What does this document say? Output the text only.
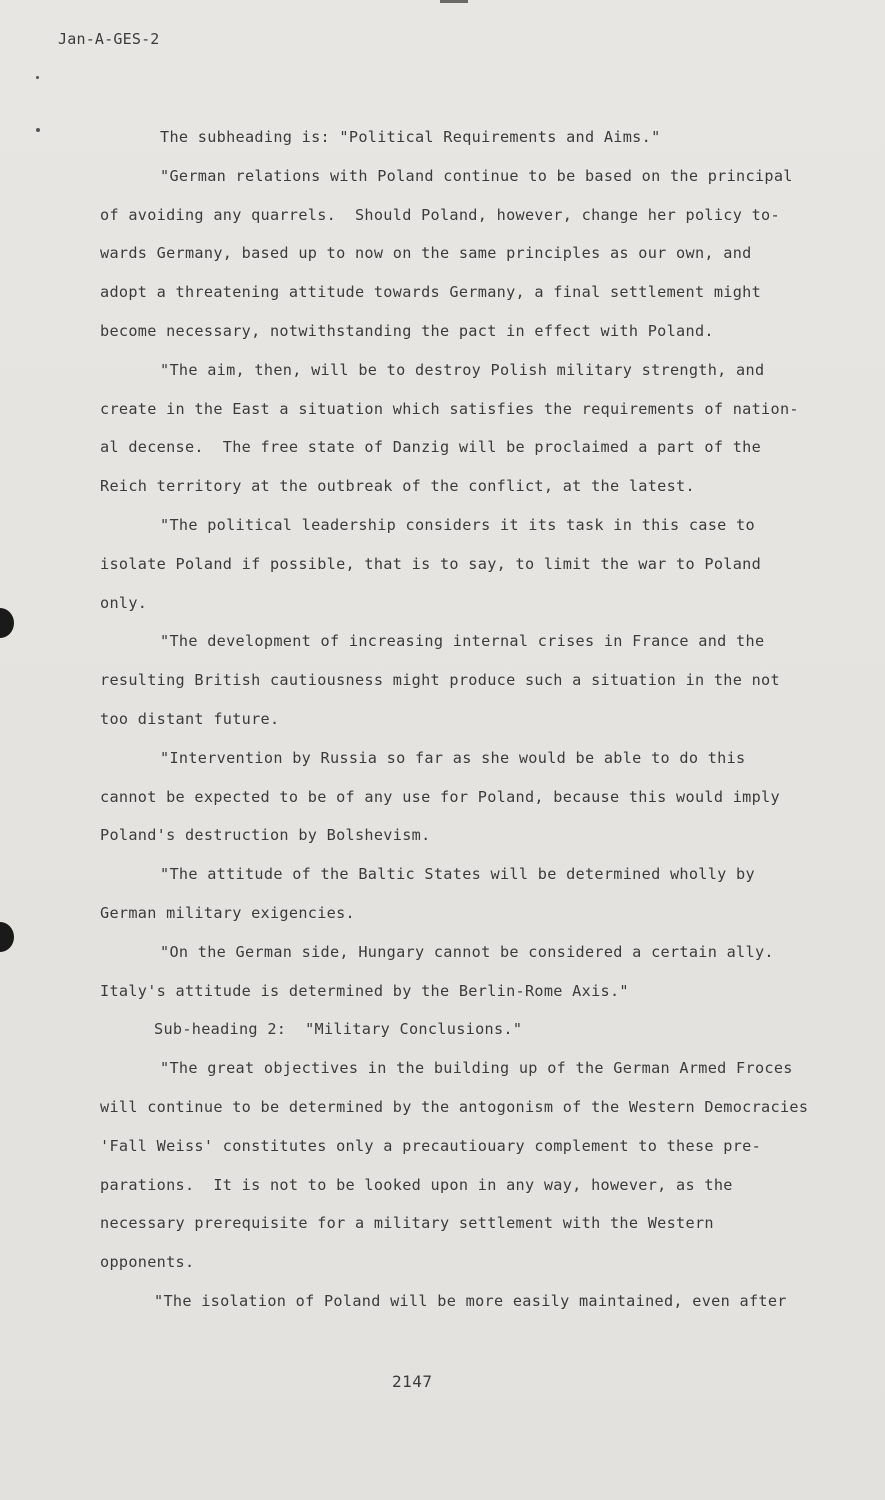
Jan-A-GES-2
The subheading is: "Political Requirements and Aims."
"German relations with Poland continue to be based on the principal
of avoiding any quarrels.  Should Poland, however, change her policy to-
wards Germany, based up to now on the same principles as our own, and
adopt a threatening attitude towards Germany, a final settlement might
become necessary, notwithstanding the pact in effect with Poland.
"The aim, then, will be to destroy Polish military strength, and
create in the East a situation which satisfies the requirements of nation-
al decense.  The free state of Danzig will be proclaimed a part of the
Reich territory at the outbreak of the conflict, at the latest.
"The political leadership considers it its task in this case to
isolate Poland if possible, that is to say, to limit the war to Poland
only.
"The development of increasing internal crises in France and the
resulting British cautiousness might produce such a situation in the not
too distant future.
"Intervention by Russia so far as she would be able to do this
cannot be expected to be of any use for Poland, because this would imply
Poland's destruction by Bolshevism.
"The attitude of the Baltic States will be determined wholly by
German military exigencies.
"On the German side, Hungary cannot be considered a certain ally.
Italy's attitude is determined by the Berlin-Rome Axis."
Sub-heading 2:  "Military Conclusions."
"The great objectives in the building up of the German Armed Froces
will continue to be determined by the antogonism of the Western Democracies
'Fall Weiss' constitutes only a precautiouary complement to these pre-
parations.  It is not to be looked upon in any way, however, as the
necessary prerequisite for a military settlement with the Western
opponents.
"The isolation of Poland will be more easily maintained, even after
2147
